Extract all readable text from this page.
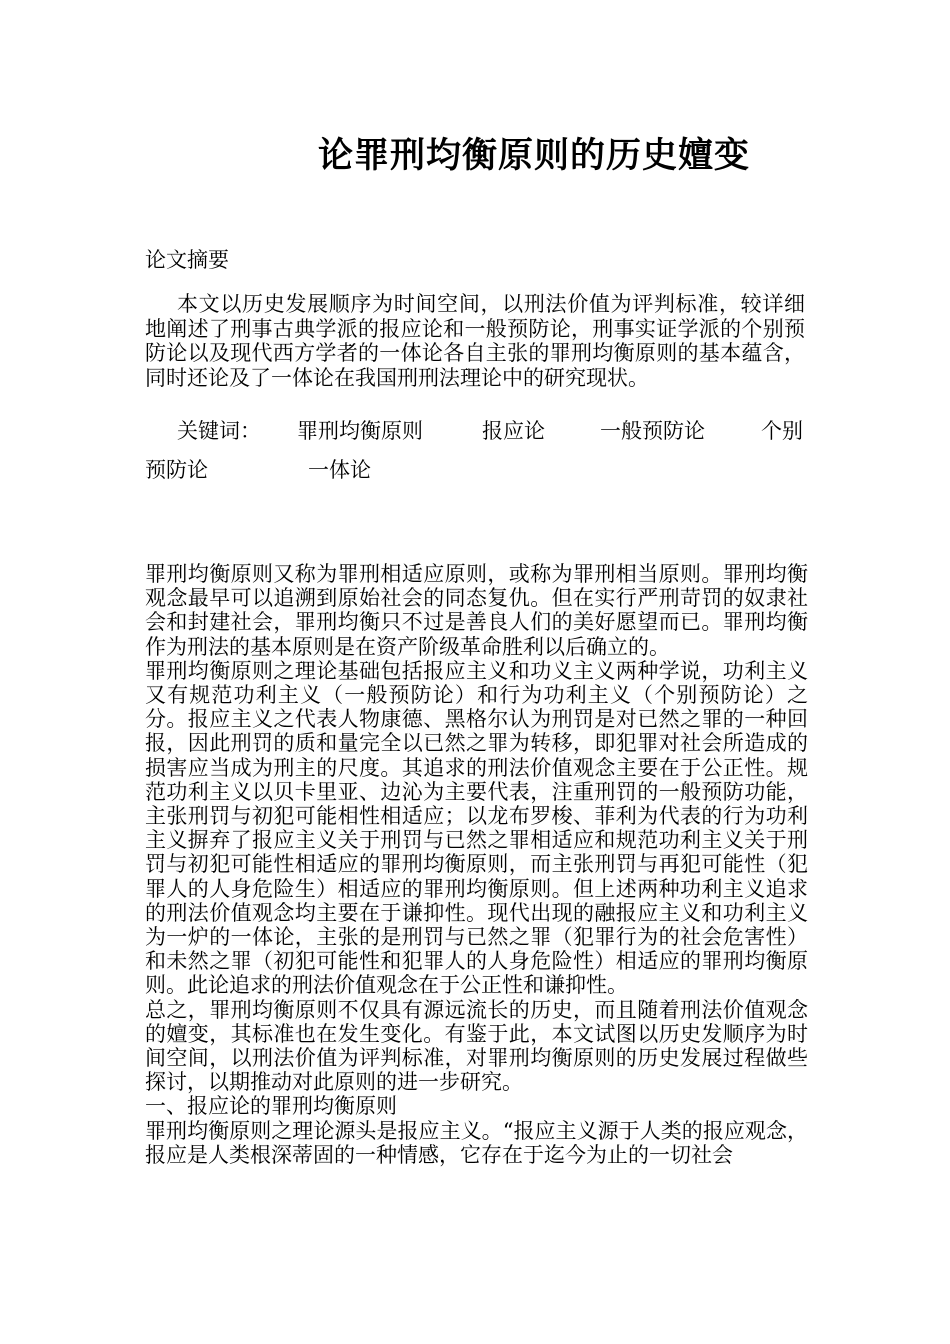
论罪刑均衡原则的历史嬗变
论文摘要

本文以历史发展顺序为时间空间，以刑法价值为评判标准，较详细地阐述了刑事古典学派的报应论和一般预防论，刑事实证学派的个别预防论以及现代西方学者的一体论各自主张的罪刑均衡原则的基本蕴含，同时还论及了一体论在我国刑刑法理论中的研究现状。

关键词： 罪刑均衡原则	报应论	一般预防论	个别
预防论	一体论

罪刑均衡原则又称为罪刑相适应原则，或称为罪刑相当原则。罪刑均衡观念最早可以追溯到原始社会的同态复仇。但在实行严刑苛罚的奴隶社会和封建社会，罪刑均衡只不过是善良人们的美好愿望而已。罪刑均衡作为刑法的基本原则是在资产阶级革命胜利以后确立的。

罪刑均衡原则之理论基础包括报应主义和功义主义两种学说，功利主义又有规范功利主义（一般预防论）和行为功利主义（个别预防论）之分。报应主义之代表人物康德、黑格尔认为刑罚是对已然之罪的一种回报，因此刑罚的质和量完全以已然之罪为转移，即犯罪对社会所造成的损害应当成为刑主的尺度。其追求的刑法价值观念主要在于公正性。规范功利主义以贝卡里亚、边沁为主要代表，注重刑罚的一般预防功能，主张刑罚与初犯可能相性相适应；以龙布罗梭、菲利为代表的行为功利主义摒弃了报应主义关于刑罚与已然之罪相适应和规范功利主义关于刑罚与初犯可能性相适应的罪刑均衡原则，而主张刑罚与再犯可能性（犯罪人的人身危险生）相适应的罪刑均衡原则。但上述两种功利主义追求的刑法价值观念均主要在于谦抑性。现代出现的融报应主义和功利主义为一炉的一体论，主张的是刑罚与已然之罪（犯罪行为的社会危害性）和未然之罪（初犯可能性和犯罪人的人身危险性）相适应的罪刑均衡原则。此论追求的刑法价值观念在于公正性和谦抑性。

总之，罪刑均衡原则不仅具有源远流长的历史，而且随着刑法价值观念的嬗变，其标准也在发生变化。有鉴于此，本文试图以历史发顺序为时间空间，以刑法价值为评判标准，对罪刑均衡原则的历史发展过程做些探讨，以期推动对此原则的进一步研究。

一、报应论的罪刑均衡原则

罪刑均衡原则之理论源头是报应主义。“报应主义源于人类的报应观念，报应是人类根深蒂固的一种情感，它存在于迄今为止的一切社会
